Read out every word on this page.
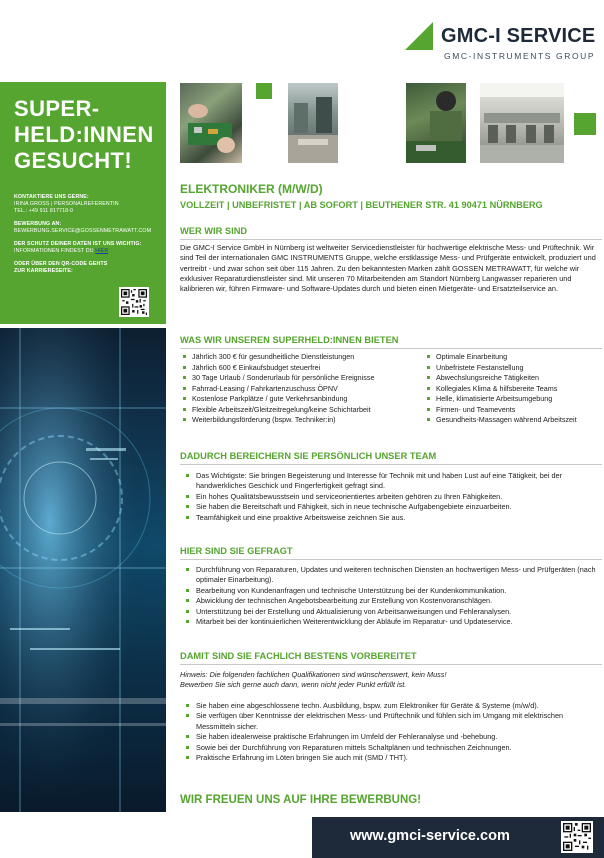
GMC-I SERVICE
GMC-INSTRUMENTS GROUP
SUPER-
HELD:INNEN
GESUCHT!
KONTAKTIERE UNS GERNE:
IRINA GROSS | PERSONALREFERENTIN
TEL.: +49 911 817718-0
BEWERBUNG AN:
BEWERBUNG.SERVICE@GOSSENMETRAWATT.COM
DER SCHUTZ DEINER DATEN IST UNS WICHTIG:
INFORMATIONEN FINDEST DU HIER
ODER ÜBER DEN QR-CODE GEHTS
ZUR KARRIERESEITE:
ELEKTRONIKER (M/W/D)
VOLLZEIT | UNBEFRISTET | AB SOFORT | BEUTHENER STR. 41 90471 NÜRNBERG
WER WIR SIND
Die GMC-I Service GmbH in Nürnberg ist weltweiter Servicedienstleister für hochwertige elektrische Mess- und Prüftechnik. Wir sind Teil der internationalen GMC INSTRUMENTS Gruppe, welche erstklassige Mess- und Prüfgeräte entwickelt, produziert und vertreibt - und zwar schon seit über 115 Jahren. Zu den bekanntesten Marken zählt GOSSEN METRAWATT, für welche wir exklusiver Reparaturdienstleister sind. Mit unseren 70 Mitarbeitenden am Standort Nürnberg Langwasser reparieren und kalibrieren wir, führen Firmware- und Software-Updates durch und bieten einen Mietgeräte- und Ersatzteilservice an.
WAS WIR UNSEREN SUPERHELD:INNEN BIETEN
Jährlich 300 € für gesundheitliche Dienstleistungen
Jährlich 600 € Einkaufsbudget steuerfrei
30 Tage Urlaub / Sonderurlaub für persönliche Ereignisse
Fahrrad-Leasing / Fahrkartenzuschuss ÖPNV
Kostenlose Parkplätze / gute Verkehrsanbindung
Flexible Arbeitszeit/Gleitzeitregelung/keine Schichtarbeit
Weiterbildungsförderung (bspw. Techniker:in)
Optimale Einarbeitung
Unbefristete Festanstellung
Abwechslungsreiche Tätigkeiten
Kollegiales Klima & hilfsbereite Teams
Helle, klimatisierte Arbeitsumgebung
Firmen- und Teamevents
Gesundheits-Massagen während Arbeitszeit
DADURCH BEREICHERN SIE PERSÖNLICH UNSER TEAM
Das Wichtigste: Sie bringen Begeisterung und Interesse für Technik mit und haben Lust auf eine Tätigkeit, bei der handwerkliches Geschick und Fingerfertigkeit gefragt sind.
Ein hohes Qualitätsbewusstsein und serviceorientiertes arbeiten gehören zu Ihren Fähigkeiten.
Sie haben die Bereitschaft und Fähigkeit, sich in neue technische Aufgabengebiete einzuarbeiten.
Teamfähigkeit und eine proaktive Arbeitsweise zeichnen Sie aus.
HIER SIND SIE GEFRAGT
Durchführung von Reparaturen, Updates und weiteren technischen Diensten an hochwertigen Mess- und Prüfgeräten (nach optimaler Einarbeitung).
Bearbeitung von Kundenanfragen und technische Unterstützung bei der Kundenkommunikation.
Abwicklung der technischen Angebotsbearbeitung zur Erstellung von Kostenvoranschlägen.
Unterstützung bei der Erstellung und Aktualisierung von Arbeitsanweisungen und Fehleranalysen.
Mitarbeit bei der kontinuierlichen Weiterentwicklung der Abläufe im Reparatur- und Updateservice.
DAMIT SIND SIE FACHLICH BESTENS VORBEREITET
Hinweis: Die folgenden fachlichen Qualifikationen sind wünschenswert, kein Muss!
Bewerben Sie sich gerne auch dann, wenn nicht jeder Punkt erfüllt ist.
Sie haben eine abgeschlossene techn. Ausbildung, bspw. zum Elektroniker für Geräte & Systeme (m/w/d).
Sie verfügen über Kenntnisse der elektrischen Mess- und Prüftechnik und fühlen sich im Umgang mit elektrischen Messmitteln sicher.
Sie haben idealerweise praktische Erfahrungen im Umfeld der Fehleranalyse und -behebung.
Sowie bei der Durchführung von Reparaturen mittels Schaltplänen und technischen Zeichnungen.
Praktische Erfahrung im Löten bringen Sie auch mit (SMD / THT).
WIR FREUEN UNS AUF IHRE BEWERBUNG!
www.gmci-service.com
